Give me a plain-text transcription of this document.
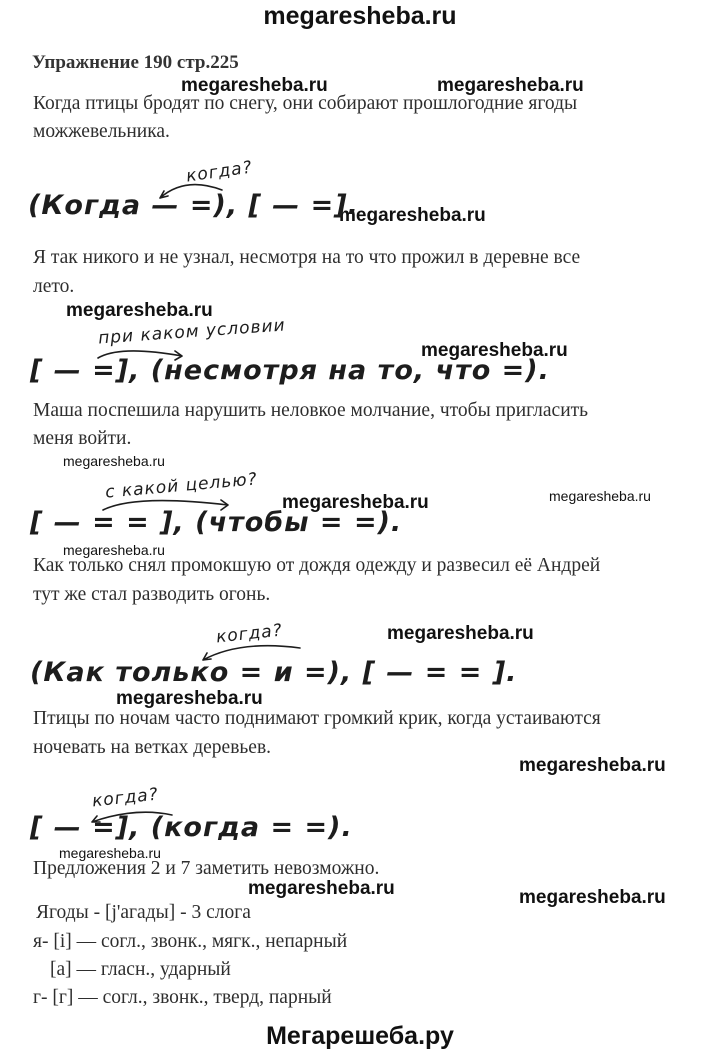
megaresheba.ru
Мегарешеба.ру
Упражнение 190 стр.225
megaresheba.ru	megaresheba.ru
megaresheba.ru
megaresheba.ru
megaresheba.ru
megaresheba.ru
megaresheba.ru	megaresheba.ru
megaresheba.ru
megaresheba.ru
megaresheba.ru
megaresheba.ru
megaresheba.ru
megaresheba.ru	megaresheba.ru
Когда птицы бродят по снегу, они собирают прошлогодние ягоды
можжевельника.
когда?
(Когда — =), [ — =].
Я так никого и не узнал, несмотря на то что прожил в деревне все
лето.
при каком условии
[ — =], (несмотря на то, что =).
Маша поспешила нарушить неловкое молчание, чтобы пригласить
меня войти.
с какой целью?
[ — = = ], (чтобы = =).
Как только снял промокшую от дождя одежду и развесил её Андрей
тут же стал разводить огонь.
когда?
(Как только = и =), [ — = = ].
Птицы по ночам часто поднимают громкий крик, когда устаиваются
ночевать на ветках деревьев.
когда?
[ — =], (когда = =).
Предложения 2 и 7 заметить невозможно.
Ягоды - [j'агады] - 3 слога
я- [i] — согл., звонк., мягк., непарный
[а] — гласн., ударный
г- [г] — согл., звонк., тверд, парный
